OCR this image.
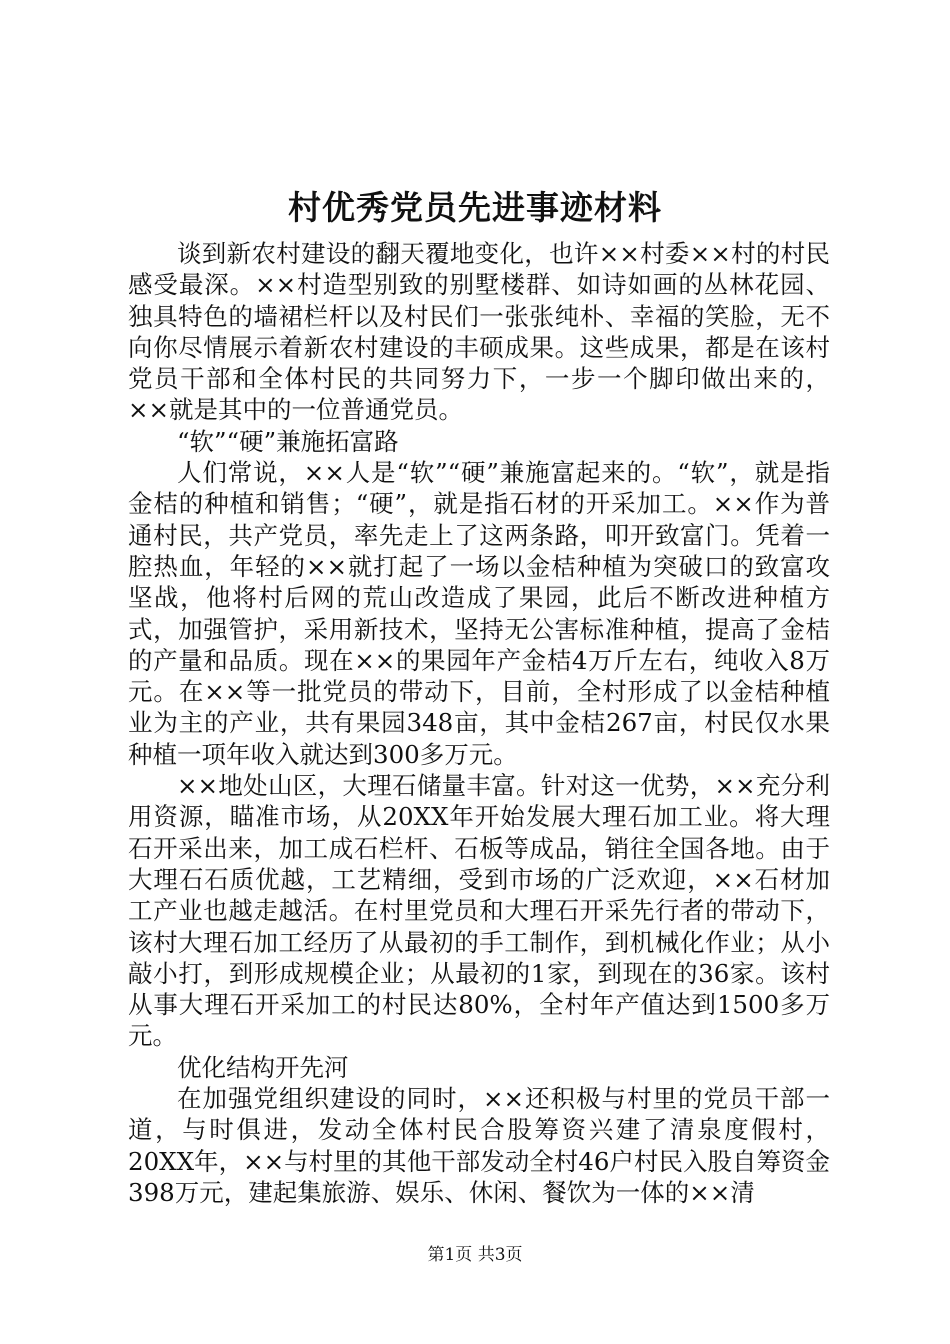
村优秀党员先进事迹材料

谈到新农村建设的翻天覆地变化，也许××村委××村的村民感受最深。××村造型别致的别墅楼群、如诗如画的丛林花园、独具特色的墙裙栏杆以及村民们一张张纯朴、幸福的笑脸，无不向你尽情展示着新农村建设的丰硕成果。这些成果，都是在该村党员干部和全体村民的共同努力下，一步一个脚印做出来的，××就是其中的一位普通党员。

“软”“硬”兼施拓富路

人们常说，××人是“软”“硬”兼施富起来的。“软”，就是指金桔的种植和销售；“硬”，就是指石材的开采加工。××作为普通村民，共产党员，率先走上了这两条路，叩开致富门。凭着一腔热血，年轻的××就打起了一场以金桔种植为突破口的致富攻坚战，他将村后网的荒山改造成了果园，此后不断改进种植方式，加强管护，采用新技术，坚持无公害标准种植，提高了金桔的产量和品质。现在××的果园年产金桔4万斤左右，纯收入8万元。在××等一批党员的带动下，目前，全村形成了以金桔种植业为主的产业，共有果园348亩，其中金桔267亩，村民仅水果种植一项年收入就达到300多万元。

××地处山区，大理石储量丰富。针对这一优势，××充分利用资源，瞄准市场，从20XX年开始发展大理石加工业。将大理石开采出来，加工成石栏杆、石板等成品，销往全国各地。由于大理石石质优越，工艺精细，受到市场的广泛欢迎，××石材加工产业也越走越活。在村里党员和大理石开采先行者的带动下，该村大理石加工经历了从最初的手工制作，到机械化作业；从小敲小打，到形成规模企业；从最初的1家，到现在的36家。该村从事大理石开采加工的村民达80%，全村年产值达到1500多万元。

优化结构开先河

在加强党组织建设的同时，××还积极与村里的党员干部一道，与时俱进，发动全体村民合股筹资兴建了清泉度假村，20XX年，××与村里的其他干部发动全村46户村民入股自筹资金398万元，建起集旅游、娱乐、休闲、餐饮为一体的××清

第1页 共3页
